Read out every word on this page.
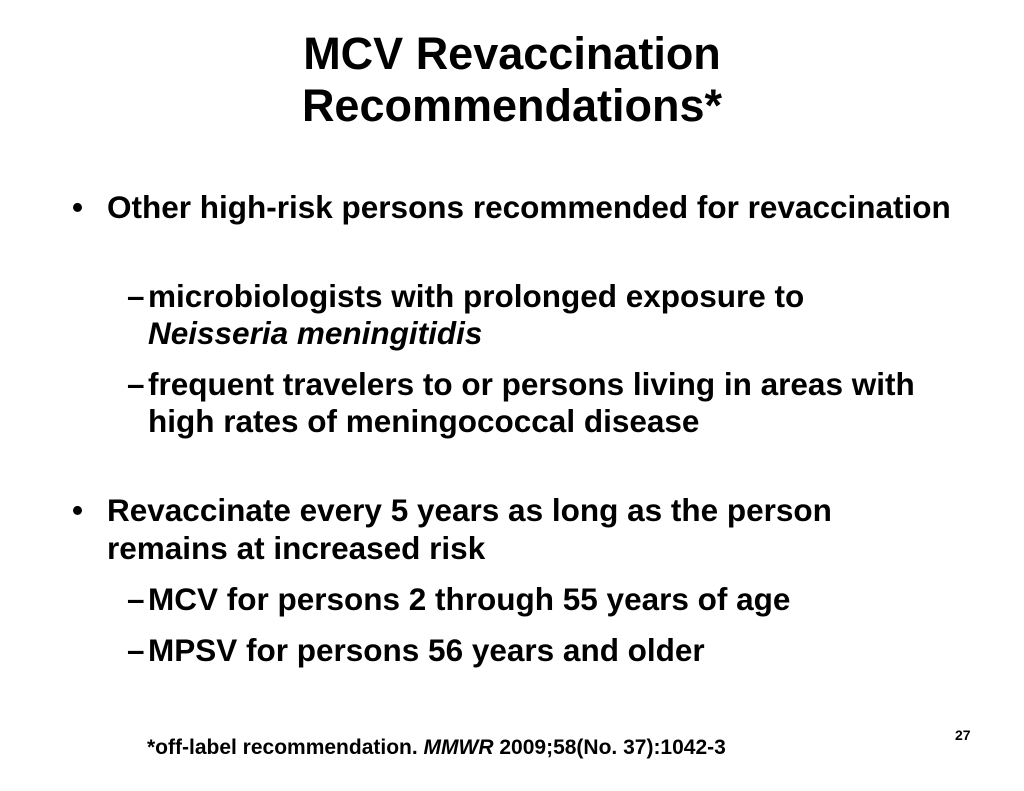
MCV Revaccination
Recommendations*
• Other high-risk persons recommended for revaccination
– microbiologists with prolonged exposure to
Neisseria meningitidis
– frequent travelers to or persons living in areas with high rates of meningococcal disease
• Revaccinate every 5 years as long as the person remains at increased risk
– MCV for persons 2 through 55 years of age
– MPSV for persons 56 years and older
*off-label recommendation. MMWR 2009;58(No. 37):1042-3
27
